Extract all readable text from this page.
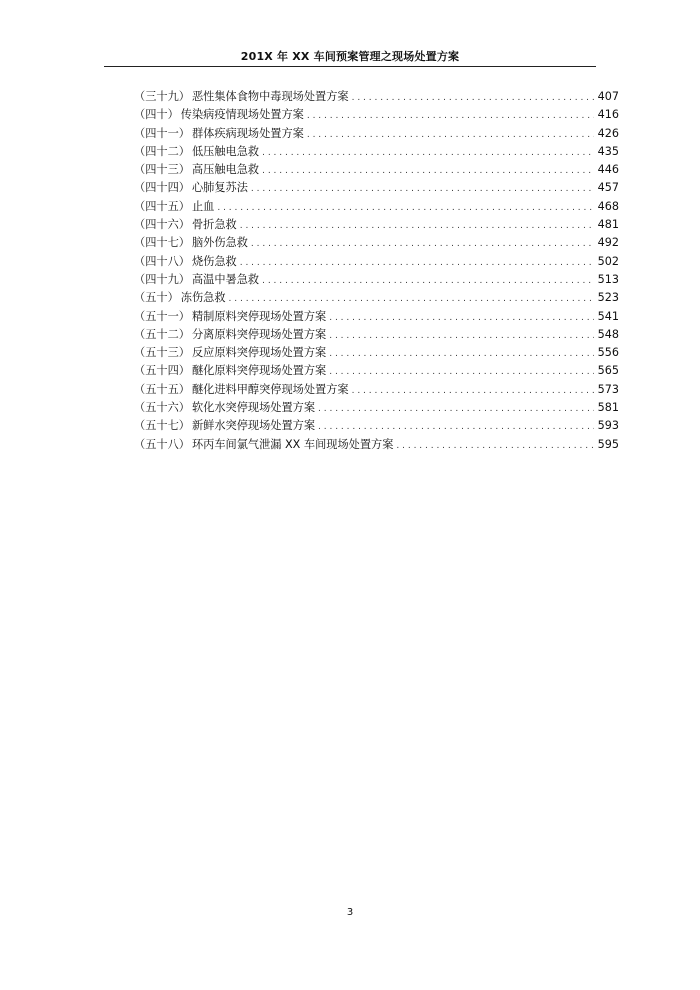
201X 年 XX 车间预案管理之现场处置方案
（三十九） 恶性集体食物中毒现场处置方案 . . .	407
（四十） 传染病疫情现场处置方案 . . .	416
（四十一） 群体疾病现场处置方案 . . .	426
（四十二） 低压触电急救 . . .	435
（四十三） 高压触电急救 . . .	446
（四十四） 心肺复苏法 . . .	457
（四十五） 止血 . . .	468
（四十六） 骨折急救 . . .	481
（四十七） 脑外伤急救 . . .	492
（四十八） 烧伤急救 . . .	502
（四十九） 高温中暑急救 . . .	513
（五十） 冻伤急救 . . .	523
（五十一） 精制原料突停现场处置方案 . . .	541
（五十二） 分离原料突停现场处置方案 . . .	548
（五十三） 反应原料突停现场处置方案 . . .	556
（五十四） 醚化原料突停现场处置方案 . . .	565
（五十五） 醚化进料甲醇突停现场处置方案 . . .	573
（五十六） 软化水突停现场处置方案 . . .	581
（五十七） 新鲜水突停现场处置方案 . . .	593
（五十八） 环丙车间氯气泄漏 XX 车间现场处置方案 . . .	595
3
